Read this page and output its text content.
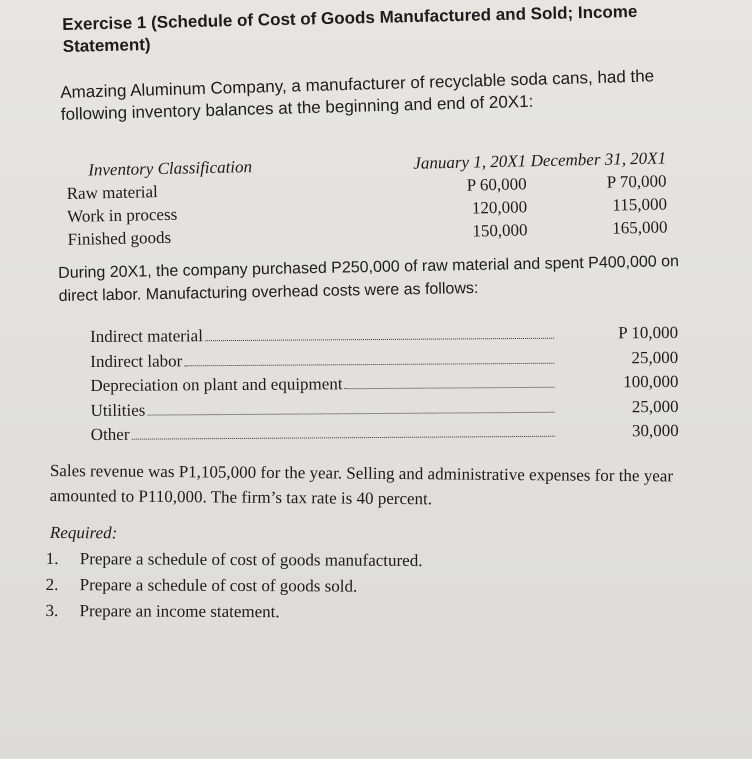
Exercise 1 (Schedule of Cost of Goods Manufactured and Sold; Income Statement)
Amazing Aluminum Company, a manufacturer of recyclable soda cans, had the following inventory balances at the beginning and end of 20X1:
Inventory Classification	January 1, 20X1 December 31, 20X1
Raw material	P 60,000	P 70,000
Work in process	120,000	115,000
Finished goods	150,000	165,000
During 20X1, the company purchased P250,000 of raw material and spent P400,000 on direct labor. Manufacturing overhead costs were as follows:
Indirect material	P 10,000
Indirect labor	25,000
Depreciation on plant and equipment	100,000
Utilities	25,000
Other	30,000
Sales revenue was P1,105,000 for the year. Selling and administrative expenses for the year amounted to P110,000. The firm’s tax rate is 40 percent.
Required:
1. Prepare a schedule of cost of goods manufactured.
2. Prepare a schedule of cost of goods sold.
3. Prepare an income statement.
